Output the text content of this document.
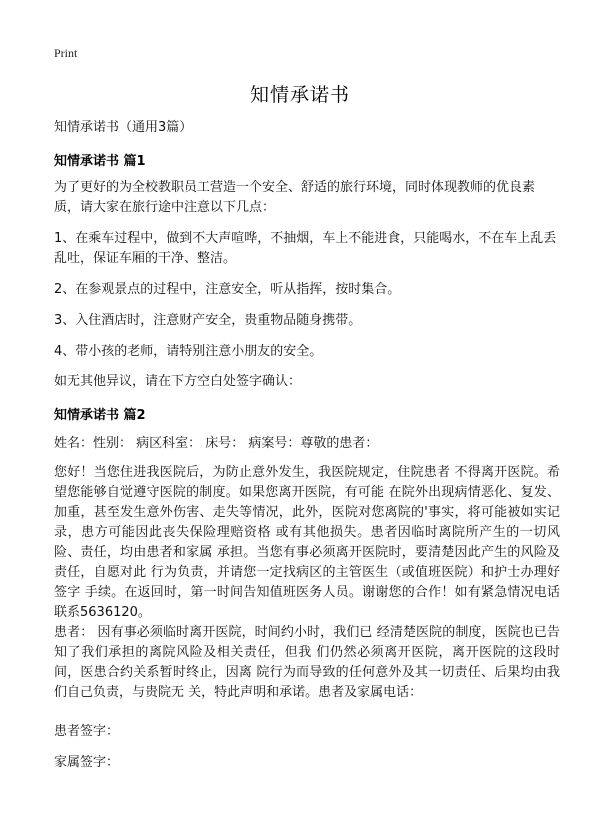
Print
知情承诺书
知情承诺书（通用3篇）
知情承诺书 篇1
为了更好的为全校教职员工营造一个安全、舒适的旅行环境，同时体现教师的优良素质，请大家在旅行途中注意以下几点：
1、在乘车过程中，做到不大声喧哗，不抽烟，车上不能进食，只能喝水，不在车上乱丢乱吐，保证车厢的干净、整洁。
2、在参观景点的过程中，注意安全，听从指挥，按时集合。
3、入住酒店时，注意财产安全，贵重物品随身携带。
4、带小孩的老师，请特别注意小朋友的安全。
如无其他异议，请在下方空白处签字确认：
知情承诺书 篇2
姓名：性别： 病区科室： 床号： 病案号：尊敬的患者：
您好！当您住进我医院后，为防止意外发生，我医院规定，住院患者 不得离开医院。希望您能够自觉遵守医院的制度。如果您离开医院，有可能 在院外出现病情恶化、复发、加重，甚至发生意外伤害、走失等情况，此外，医院对您离院的'事实，将可能被如实记录，患方可能因此丧失保险理赔资格 或有其他损失。患者因临时离院所产生的一切风险、责任，均由患者和家属 承担。当您有事必须离开医院时，要清楚因此产生的风险及责任，自愿对此 行为负责，并请您一定找病区的主管医生（或值班医院）和护士办理好签字 手续。在返回时，第一时间告知值班医务人员。谢谢您的合作！如有紧急情况电话联系5636120。
患者： 因有事必须临时离开医院，时间约小时，我们已 经清楚医院的制度，医院也已告知了我们承担的离院风险及相关责任，但我 们仍然必须离开医院，离开医院的这段时间，医患合约关系暂时终止，因离 院行为而导致的任何意外及其一切责任、后果均由我们自己负责，与贵院无 关，特此声明和承诺。患者及家属电话：
患者签字：
家属签字：
